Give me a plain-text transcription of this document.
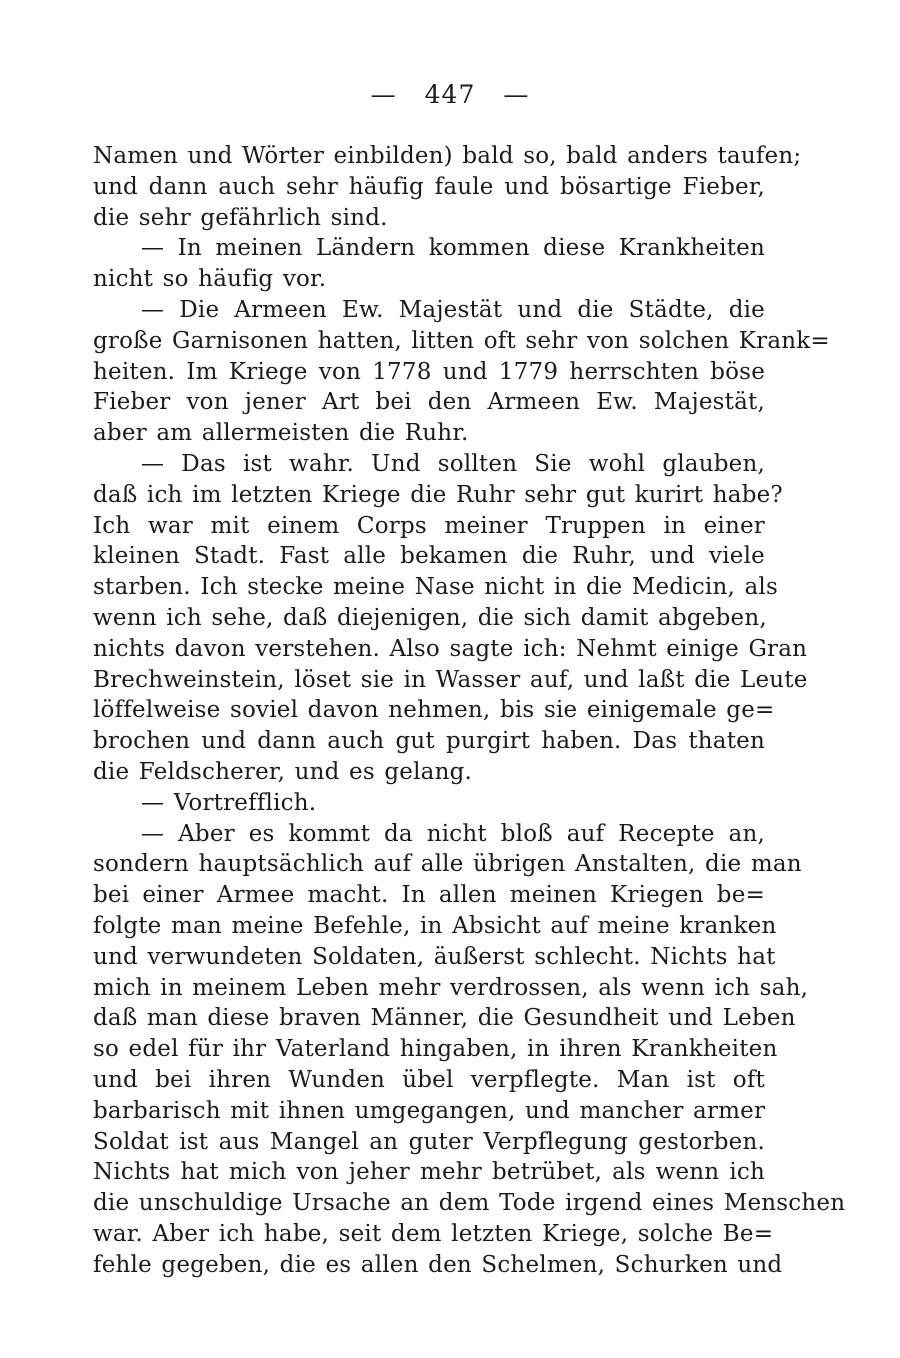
— 447 —
Namen und Wörter einbilden) bald so, bald anders taufen;
und dann auch sehr häufig faule und bösartige Fieber,
die sehr gefährlich sind.
— In meinen Ländern kommen diese Krankheiten
nicht so häufig vor.
— Die Armeen Ew. Majestät und die Städte, die
große Garnisonen hatten, litten oft sehr von solchen Krank=
heiten. Im Kriege von 1778 und 1779 herrschten böse
Fieber von jener Art bei den Armeen Ew. Majestät,
aber am allermeisten die Ruhr.
— Das ist wahr. Und sollten Sie wohl glauben,
daß ich im letzten Kriege die Ruhr sehr gut kurirt habe?
Ich war mit einem Corps meiner Truppen in einer
kleinen Stadt. Fast alle bekamen die Ruhr, und viele
starben. Ich stecke meine Nase nicht in die Medicin, als
wenn ich sehe, daß diejenigen, die sich damit abgeben,
nichts davon verstehen. Also sagte ich: Nehmt einige Gran
Brechweinstein, löset sie in Wasser auf, und laßt die Leute
löffelweise soviel davon nehmen, bis sie einigemale ge=
brochen und dann auch gut purgirt haben. Das thaten
die Feldscherer, und es gelang.
— Vortrefflich.
— Aber es kommt da nicht bloß auf Recepte an,
sondern hauptsächlich auf alle übrigen Anstalten, die man
bei einer Armee macht. In allen meinen Kriegen be=
folgte man meine Befehle, in Absicht auf meine kranken
und verwundeten Soldaten, äußerst schlecht. Nichts hat
mich in meinem Leben mehr verdrossen, als wenn ich sah,
daß man diese braven Männer, die Gesundheit und Leben
so edel für ihr Vaterland hingaben, in ihren Krankheiten
und bei ihren Wunden übel verpflegte. Man ist oft
barbarisch mit ihnen umgegangen, und mancher armer
Soldat ist aus Mangel an guter Verpflegung gestorben.
Nichts hat mich von jeher mehr betrübet, als wenn ich
die unschuldige Ursache an dem Tode irgend eines Menschen
war. Aber ich habe, seit dem letzten Kriege, solche Be=
fehle gegeben, die es allen den Schelmen, Schurken und
